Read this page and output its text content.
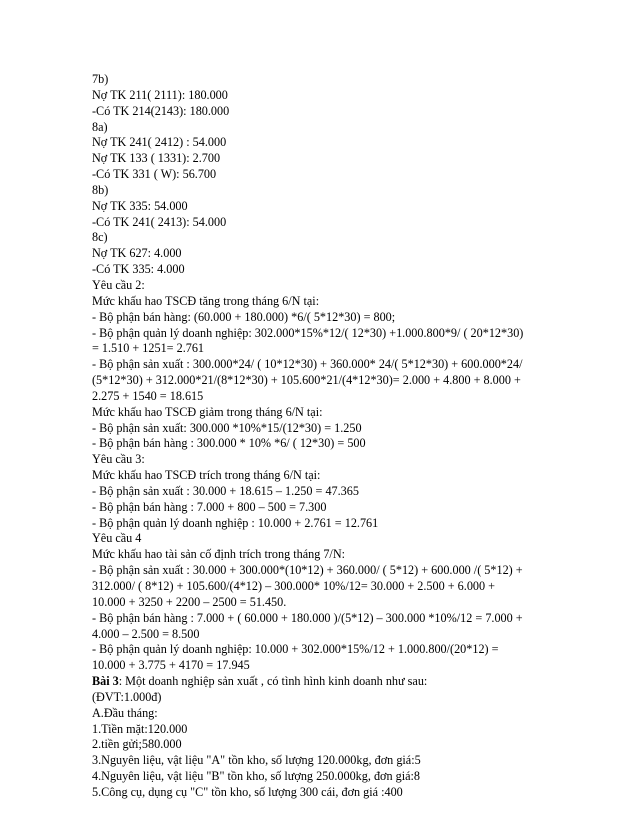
7b)

Nợ TK 211( 2111): 180.000

-Có TK 214(2143): 180.000

8a)

Nợ TK 241( 2412) : 54.000

Nợ TK 133 ( 1331): 2.700

-Có TK 331 ( W): 56.700

8b)

Nợ TK 335: 54.000

-Có TK 241( 2413): 54.000

8c)

Nợ TK 627: 4.000

-Có TK 335: 4.000

Yêu cầu 2:

Mức khấu hao TSCĐ tăng trong tháng 6/N tại:

- Bộ phận bán hàng: (60.000 + 180.000) *6/( 5*12*30) = 800;

- Bộ phận quản lý doanh nghiệp: 302.000*15%*12/( 12*30) +1.000.800*9/ ( 20*12*30)

= 1.510 + 1251= 2.761

- Bộ phận sản xuất : 300.000*24/ ( 10*12*30) + 360.000* 24/( 5*12*30) + 600.000*24/

(5*12*30) + 312.000*21/(8*12*30) + 105.600*21/(4*12*30)= 2.000 + 4.800 + 8.000 +

2.275 + 1540 = 18.615

Mức khấu hao TSCĐ giảm trong tháng 6/N tại:

- Bộ phận sản xuất: 300.000 *10%*15/(12*30) = 1.250

- Bộ phận bán hàng : 300.000 * 10% *6/ ( 12*30) = 500

Yêu cầu 3:

Mức khấu hao TSCĐ trích trong tháng 6/N tại:

- Bộ phận sản xuất : 30.000 + 18.615 – 1.250 = 47.365

- Bộ phận bán hàng : 7.000 + 800 – 500 = 7.300

- Bộ phận quản lý doanh nghiệp : 10.000 + 2.761 = 12.761

Yêu cầu 4

Mức khấu hao tài sản cố định trích trong tháng 7/N:

- Bộ phận sản xuất : 30.000 + 300.000*(10*12) + 360.000/ ( 5*12) + 600.000 /( 5*12) +

312.000/ ( 8*12) + 105.600/(4*12) – 300.000* 10%/12= 30.000 + 2.500 + 6.000 +

10.000 + 3250 + 2200 – 2500 = 51.450.

- Bộ phận bán hàng : 7.000 + ( 60.000 + 180.000 )/(5*12) – 300.000 *10%/12 = 7.000 +

4.000 – 2.500 = 8.500

- Bộ phận quản lý doanh nghiệp: 10.000 + 302.000*15%/12 + 1.000.800/(20*12) =

10.000 + 3.775 + 4170 = 17.945

Bài 3: Một doanh nghiệp sản xuất , có tình hình kinh doanh như sau:

(ĐVT:1.000đ)

A.Đầu tháng:

1.Tiền mặt:120.000

2.tiền gửi;580.000

3.Nguyên liệu, vật liệu "A" tồn kho, số lượng 120.000kg, đơn giá:5

4.Nguyên liệu, vật liệu "B" tồn kho, số lượng 250.000kg, đơn giá:8

5.Công cụ, dụng cụ "C" tồn kho, số lượng 300 cái, đơn giá :400
